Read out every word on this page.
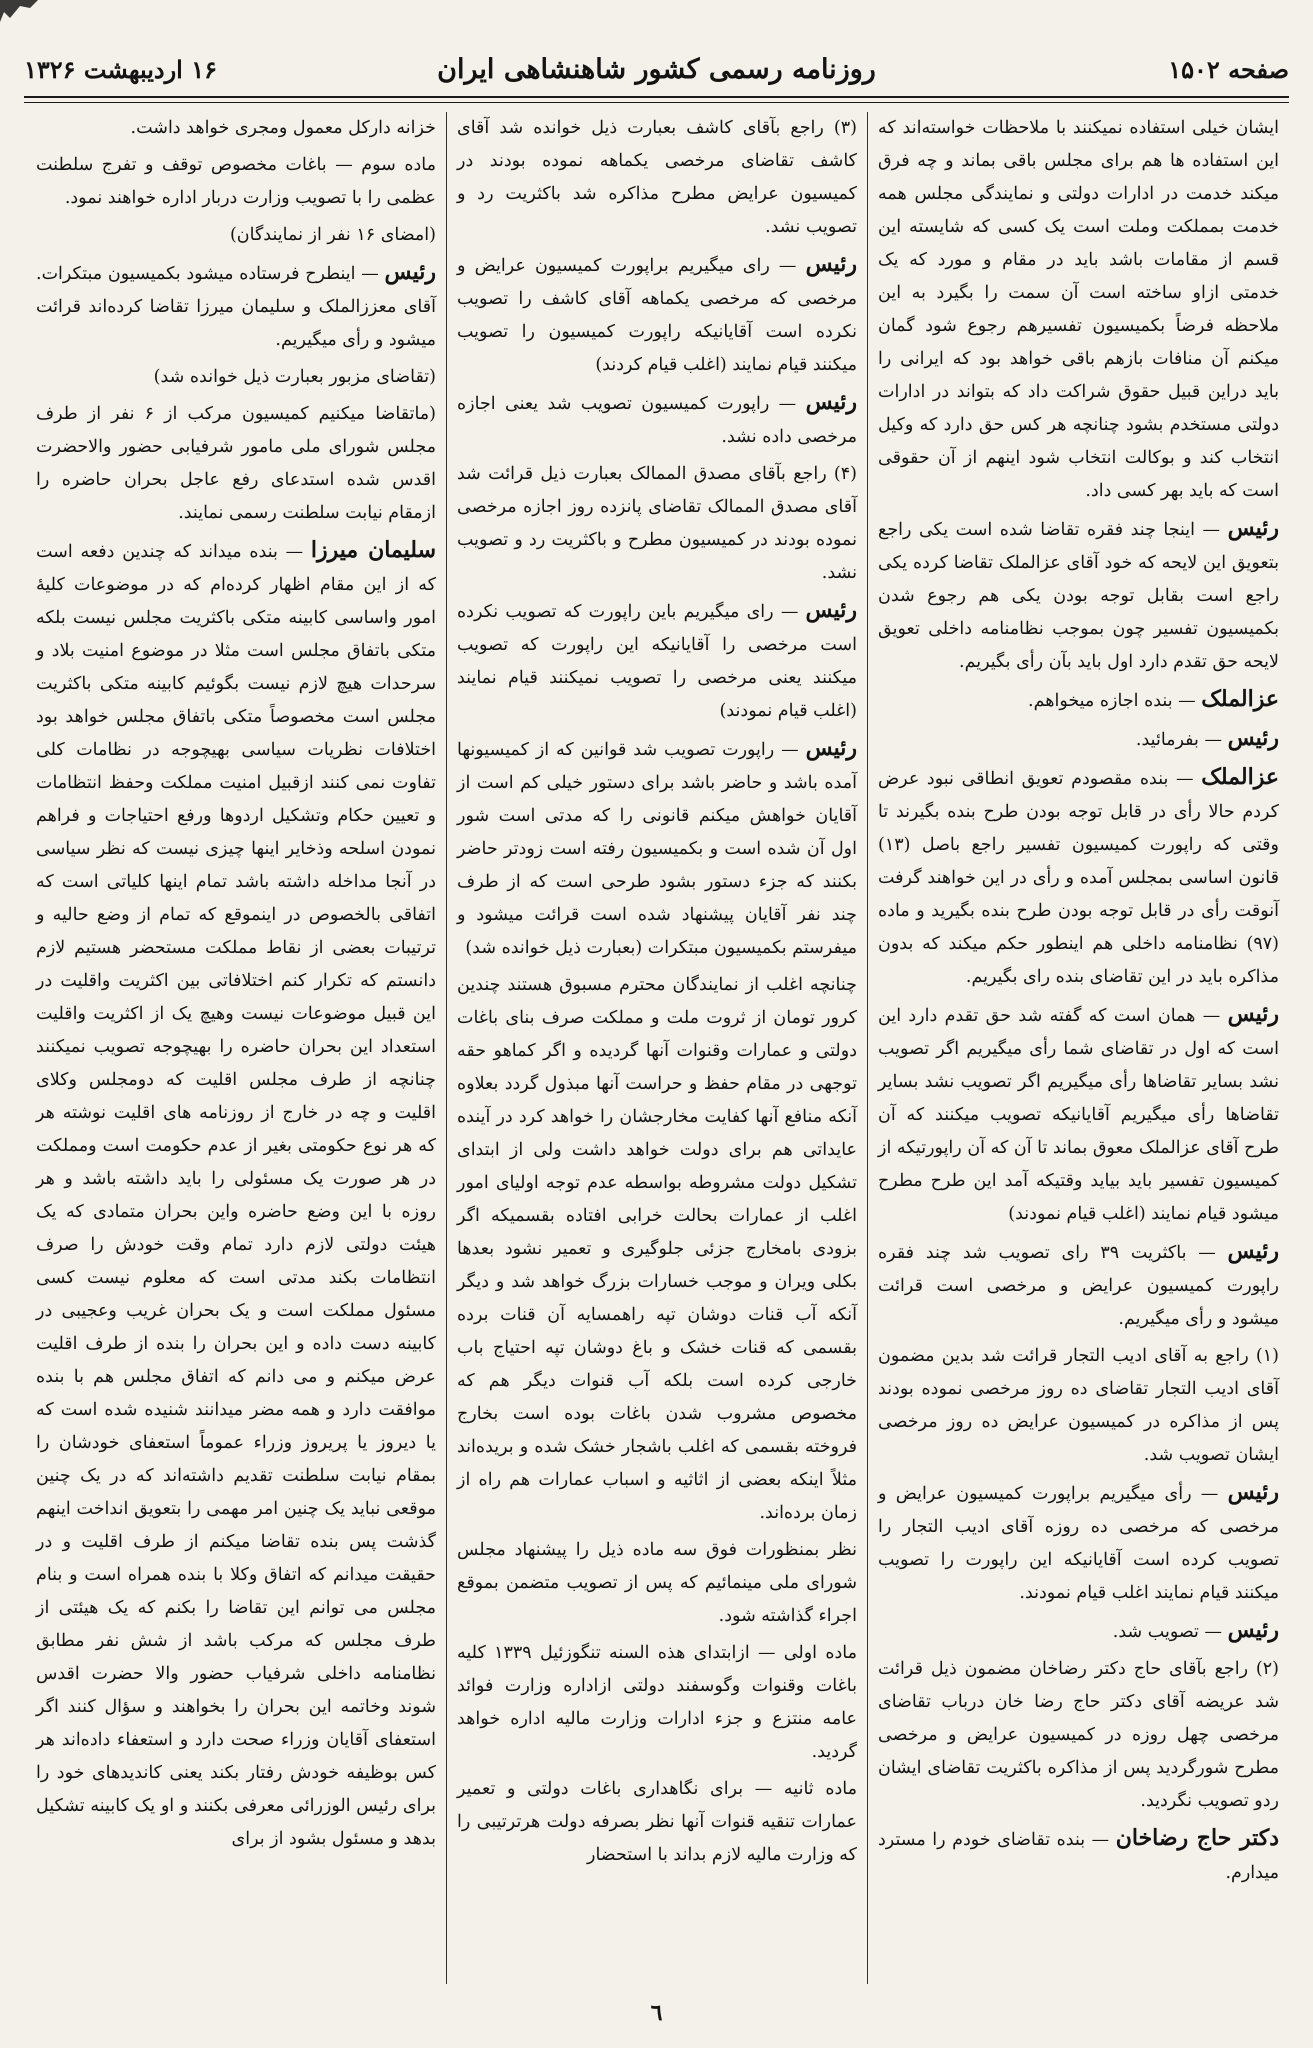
صفحه ۱۵۰۲
روزنامه رسمی کشور شاهنشاهی ایران
۱۶ اردیبهشت ۱۳۲۶

ایشان خیلی استفاده نمیکنند با ملاحظات خواسته‌اند که این استفاده ها هم برای مجلس باقی بماند و چه فرق میکند خدمت در ادارات دولتی و نمایندگی مجلس همه خدمت بمملکت وملت است یک کسی که شایسته این قسم از مقامات باشد باید در مقام و مورد که یک خدمتی ازاو ساخته است آن سمت را بگیرد به این ملاحظه فرضاً بکمیسیون تفسیرهم رجوع شود گمان میکنم آن منافات بازهم باقی خواهد بود که ایرانی را باید دراین قبیل حقوق شراکت داد که بتواند در ادارات دولتی مستخدم بشود چنانچه هر کس حق دارد که وکیل انتخاب کند و بوکالت انتخاب شود اینهم از آن حقوقی است که باید بهر کسی داد.

رئیس — اینجا چند فقره تقاضا شده است یکی راجع بتعویق این لایحه که خود آقای عزالملک تقاضا کرده یکی راجع است بقابل توجه بودن یکی هم رجوع شدن بکمیسیون تفسیر چون بموجب نظامنامه داخلی تعویق لایحه حق تقدم دارد اول باید بآن رأی بگیریم.

عزالملک — بنده اجازه میخواهم.

رئیس — بفرمائید.

عزالملک — بنده مقصودم تعویق انطاقی نبود عرض کردم حالا رأی در قابل توجه بودن طرح بنده بگیرند تا وقتی که راپورت کمیسیون تفسیر راجع باصل (۱۳) قانون اساسی بمجلس آمده و رأی در این خواهند گرفت آنوقت رأی در قابل توجه بودن طرح بنده بگیرید و ماده (۹۷) نظامنامه داخلی هم اینطور حکم میکند که بدون مذاکره باید در این تقاضای بنده رای بگیریم.

رئیس — همان است که گفته شد حق تقدم دارد این است که اول در تقاضای شما رأی میگیریم اگر تصویب نشد بسایر تقاضاها رأی میگیریم اگر تصویب نشد بسایر تقاضاها رأی میگیریم آقایانیکه تصویب میکنند که آن طرح آقای عزالملک معوق بماند تا آن که آن راپورتیکه از کمیسیون تفسیر باید بیاید وقتیکه آمد این طرح مطرح میشود قیام نمایند (اغلب قیام نمودند)

رئیس — باکثریت ۳۹ رای تصویب شد چند فقره راپورت کمیسیون عرایض و مرخصی است قرائت میشود و رأی میگیریم.

(۱) راجع به آقای ادیب التجار قرائت شد بدین مضمون آقای ادیب التجار تقاضای ده روز مرخصی نموده بودند پس از مذاکره در کمیسیون عرایض ده روز مرخصی ایشان تصویب شد.

رئیس — رأی میگیریم براپورت کمیسیون عرایض و مرخصی که مرخصی ده روزه آقای ادیب التجار را تصویب کرده است آقایانیکه این راپورت را تصویب میکنند قیام نمایند اغلب قیام نمودند.

رئیس — تصویب شد.

(۲) راجع بآقای حاج دکتر رضاخان مضمون ذیل قرائت شد عریضه آقای دکتر حاج رضا خان درباب تقاضای مرخصی چهل روزه در کمیسیون عرایض و مرخصی مطرح شورگردید پس از مذاکره باکثریت تقاضای ایشان ردو تصویب نگردید.

دکتر حاج رضاخان — بنده تقاضای خودم را مسترد میدارم.

(۳) راجع بآقای کاشف بعبارت ذیل خوانده شد آقای کاشف تقاضای مرخصی یکماهه نموده بودند در کمیسیون عرایض مطرح مذاکره شد باکثریت رد و تصویب نشد.

رئیس — رای میگیریم براپورت کمیسیون عرایض و مرخصی که مرخصی یکماهه آقای کاشف را تصویب نکرده است آقایانیکه راپورت کمیسیون را تصویب میکنند قیام نمایند (اغلب قیام کردند)

رئیس — راپورت کمیسیون تصویب شد یعنی اجازه مرخصی داده نشد.

(۴) راجع بآقای مصدق الممالک بعبارت ذیل قرائت شد آقای مصدق الممالک تقاضای پانزده روز اجازه مرخصی نموده بودند در کمیسیون مطرح و باکثریت رد و تصویب نشد.

رئیس — رای میگیریم باین راپورت که تصویب نکرده است مرخصی را آقایانیکه این راپورت که تصویب میکنند یعنی مرخصی را تصویب نمیکنند قیام نمایند (اغلب قیام نمودند)

رئیس — راپورت تصویب شد قوانین که از کمیسیونها آمده باشد و حاضر باشد برای دستور خیلی کم است از آقایان خواهش میکنم قانونی را که مدتی است شور اول آن شده است و بکمیسیون رفته است زودتر حاضر بکنند که جزء دستور بشود طرحی است که از طرف چند نفر آقایان پیشنهاد شده است قرائت میشود و میفرستم بکمیسیون مبتکرات (بعبارت ذیل خوانده شد)

چنانچه اغلب از نمایندگان محترم مسبوق هستند چندین کرور تومان از ثروت ملت و مملکت صرف بنای باغات دولتی و عمارات وقنوات آنها گردیده و اگر کماهو حقه توجهی در مقام حفظ و حراست آنها مبذول گردد بعلاوه آنکه منافع آنها کفایت مخارجشان را خواهد کرد در آینده عایداتی هم برای دولت خواهد داشت ولی از ابتدای تشکیل دولت مشروطه بواسطه عدم توجه اولیای امور اغلب از عمارات بحالت خرابی افتاده بقسمیکه اگر بزودی بامخارج جزئی جلوگیری و تعمیر نشود بعدها بکلی ویران و موجب خسارات بزرگ خواهد شد و دیگر آنکه آب قنات دوشان تپه راهمسایه آن قنات برده بقسمی که قنات خشک و باغ دوشان تپه احتیاج باب خارجی کرده است بلکه آب قنوات دیگر هم که مخصوص مشروب شدن باغات بوده است بخارج فروخته بقسمی که اغلب باشجار خشک شده و بریده‌اند مثلاً اینکه بعضی از اثاثیه و اسباب عمارات هم راه از زمان برده‌اند.

نظر بمنظورات فوق سه ماده ذیل را پیشنهاد مجلس شورای ملی مینمائیم که پس از تصویب متضمن بموقع اجراء گذاشته شود.

ماده اولی — ازابتدای هذه السنه تنگوزئیل ۱۳۳۹ کلیه باغات وقنوات وگوسفند دولتی ازاداره وزارت فوائد عامه منتزع و جزء ادارات وزارت مالیه اداره خواهد گردید.

ماده ثانیه — برای نگاهداری باغات دولتی و تعمیر عمارات تنقیه قنوات آنها نظر بصرفه دولت هرترتیبی را که وزارت مالیه لازم بداند با استحضار

خزانه دارکل معمول ومجری خواهد داشت.

ماده سوم — باغات مخصوص توقف و تفرج سلطنت عظمی را با تصویب وزارت دربار اداره خواهند نمود.

(امضای ۱۶ نفر از نمایندگان)

رئیس — اینطرح فرستاده میشود بکمیسیون مبتکرات. آقای معززالملک و سلیمان میرزا تقاضا کرده‌اند قرائت میشود و رأی میگیریم.

(تقاضای مزبور بعبارت ذیل خوانده شد)

(ماتقاضا میکنیم کمیسیون مرکب از ۶ نفر از طرف مجلس شورای ملی مامور شرفیابی حضور والاحضرت اقدس شده استدعای رفع عاجل بحران حاضره را ازمقام نیابت سلطنت رسمی نمایند.

سلیمان میرزا — بنده میداند که چندین دفعه است که از این مقام اظهار کرده‌ام که در موضوعات کلیهٔ امور واساسی کابینه متکی باکثریت مجلس نیست بلکه متکی باتفاق مجلس است مثلا در موضوع امنیت بلاد و سرحدات هیچ لازم نیست بگوئیم کابینه متکی باکثریت مجلس است مخصوصاً متکی باتفاق مجلس خواهد بود اختلافات نظریات سیاسی بهیچوجه در نظامات کلی تفاوت نمی کنند ازقبیل امنیت مملکت وحفظ انتظامات و تعیین حکام وتشکیل اردوها ورفع احتیاجات و فراهم نمودن اسلحه وذخایر اینها چیزی نیست که نظر سیاسی در آنجا مداخله داشته باشد تمام اینها کلیاتی است که اتفاقی بالخصوص در اینموقع که تمام از وضع حالیه و ترتیبات بعضی از نقاط مملکت مستحضر هستیم لازم دانستم که تکرار کنم اختلافاتی بین اکثریت واقلیت در این قبیل موضوعات نیست وهیچ یک از اکثریت واقلیت استعداد این بحران حاضره را بهیچوجه تصویب نمیکنند چنانچه از طرف مجلس اقلیت که دومجلس وکلای اقلیت و چه در خارج از روزنامه های اقلیت نوشته هر که هر نوع حکومتی بغیر از عدم حکومت است ومملکت در هر صورت یک مسئولی را باید داشته باشد و هر روزه با این وضع حاضره واین بحران متمادی که یک هیئت دولتی لازم دارد تمام وقت خودش را صرف انتظامات بکند مدتی است که معلوم نیست کسی مسئول مملکت است و یک بحران غریب وعجیبی در کابینه دست داده و این بحران را بنده از طرف اقلیت عرض میکنم و می دانم که اتفاق مجلس هم با بنده موافقت دارد و همه مضر میدانند شنیده شده است که یا دیروز یا پریروز وزراء عموماً استعفای خودشان را بمقام نیابت سلطنت تقدیم داشته‌اند که در یک چنین موقعی نباید یک چنین امر مهمی را بتعویق انداخت اینهم گذشت پس بنده تقاضا میکنم از طرف اقلیت و در حقیقت میدانم که اتفاق وکلا با بنده همراه است و بنام مجلس می توانم این تقاضا را بکنم که یک هیئتی از طرف مجلس که مرکب باشد از شش نفر مطابق نظامنامه داخلی شرفیاب حضور والا حضرت اقدس شوند وخاتمه این بحران را بخواهند و سؤال کنند اگر استعفای آقایان وزراء صحت دارد و استعفاء داده‌اند هر کس بوظیفه خودش رفتار بکند یعنی کاندیدهای خود را برای رئیس الوزرائی معرفی بکنند و او یک کابینه تشکیل بدهد و مسئول بشود از برای

٦
